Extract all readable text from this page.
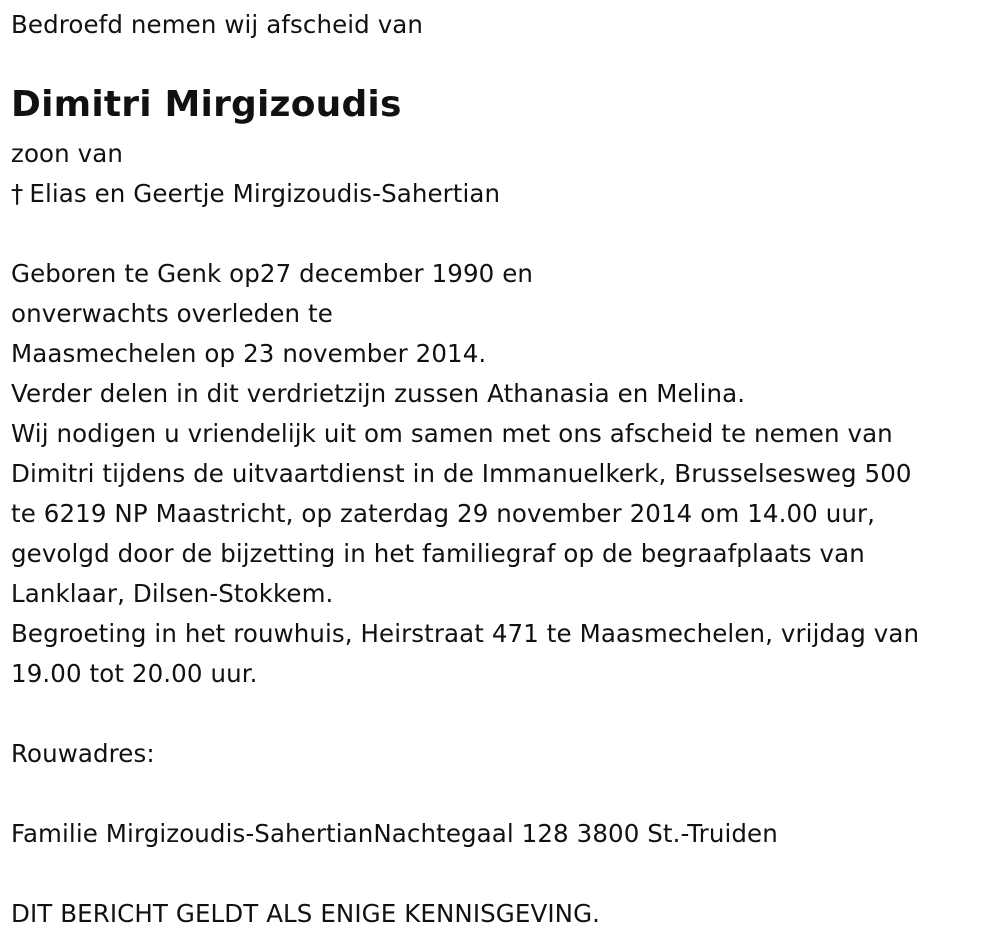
Bedroefd nemen wij afscheid van
Dimitri Mirgizoudis
zoon van
† Elias en Geertje Mirgizoudis-Sahertian
Geboren te Genk op27 december 1990 en
onverwachts overleden te
Maasmechelen op 23 november 2014.
Verder delen in dit verdrietzijn zussen Athanasia en Melina.
Wij nodigen u vriendelijk uit om samen met ons afscheid te nemen van
Dimitri tijdens de uitvaartdienst in de Immanuelkerk, Brusselsesweg 500
te 6219 NP Maastricht, op zaterdag 29 november 2014 om 14.00 uur,
gevolgd door de bijzetting in het familiegraf op de begraafplaats van
Lanklaar, Dilsen-Stokkem.
Begroeting in het rouwhuis, Heirstraat 471 te Maasmechelen, vrijdag van
19.00 tot 20.00 uur.
Rouwadres:
Familie Mirgizoudis-SahertianNachtegaal 128 3800 St.-Truiden
DIT BERICHT GELDT ALS ENIGE KENNISGEVING.
